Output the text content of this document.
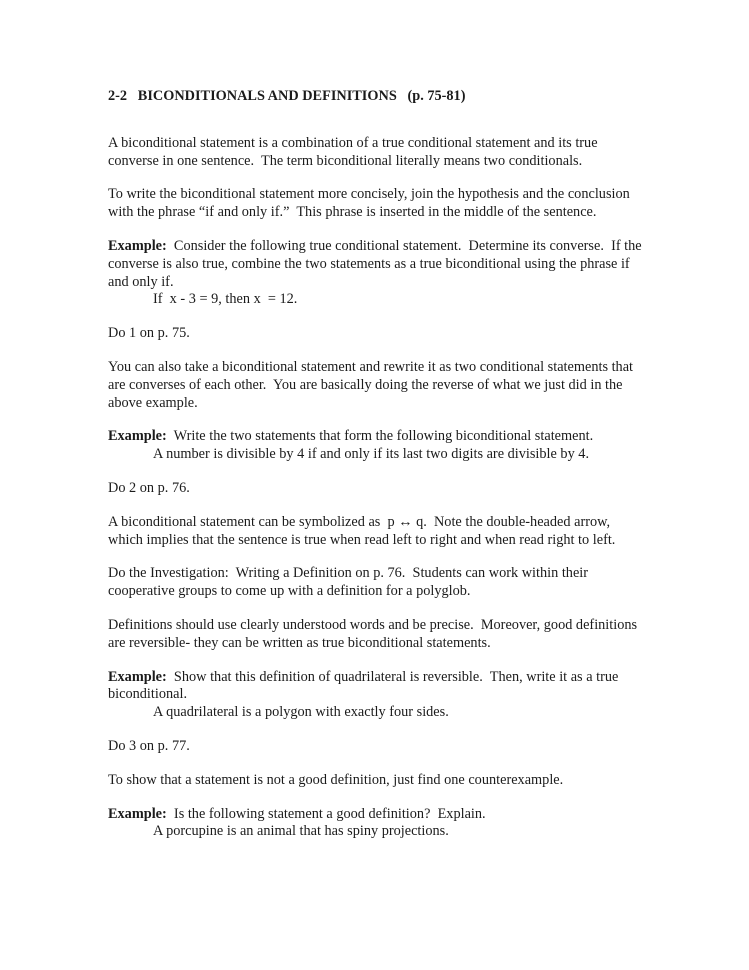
2-2   BICONDITIONALS AND DEFINITIONS   (p. 75-81)

A biconditional statement is a combination of a true conditional statement and its true converse in one sentence.  The term biconditional literally means two conditionals.

To write the biconditional statement more concisely, join the hypothesis and the conclusion with the phrase “if and only if.”  This phrase is inserted in the middle of the sentence.

Example:  Consider the following true conditional statement.  Determine its converse.  If the converse is also true, combine the two statements as a true biconditional using the phrase if and only if.

If  x - 3 = 9, then x  = 12.

Do 1 on p. 75.

You can also take a biconditional statement and rewrite it as two conditional statements that are converses of each other.  You are basically doing the reverse of what we just did in the above example.

Example:  Write the two statements that form the following biconditional statement.

A number is divisible by 4 if and only if its last two digits are divisible by 4.

Do 2 on p. 76.

A biconditional statement can be symbolized as  p ↔ q.  Note the double-headed arrow, which implies that the sentence is true when read left to right and when read right to left.

Do the Investigation:  Writing a Definition on p. 76.  Students can work within their cooperative groups to come up with a definition for a polyglob.

Definitions should use clearly understood words and be precise.  Moreover, good definitions are reversible- they can be written as true biconditional statements.

Example:  Show that this definition of quadrilateral is reversible.  Then, write it as a true biconditional.

A quadrilateral is a polygon with exactly four sides.

Do 3 on p. 77.

To show that a statement is not a good definition, just find one counterexample.

Example:  Is the following statement a good definition?  Explain.

A porcupine is an animal that has spiny projections.
